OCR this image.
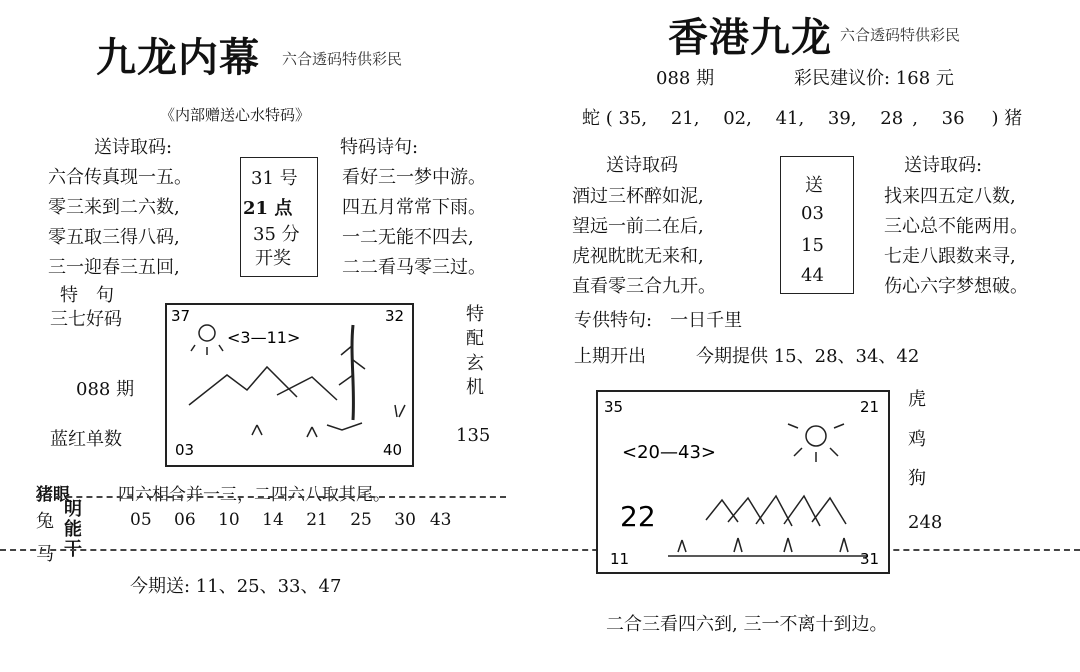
九龙内幕 六合透码特供彩民
《内部赠送心水特码》
送诗取码:	特码诗句:
六合传真现一五。
零三来到二六数,
零五取三得八码,
三一迎春三五回,
31 号
21 点
35 分
开奖
看好三一梦中游。
四五月常常下雨。
一二无能不四去,
二二看马零三过。
特　句
三七好码
088 期
蓝红单数
<3—11>
37	32
03	40
特
配
玄
机
135
猪眼	四六相合并一三，二四六八取其尾。
兔
马
明
能
干
05  06  10  14  21  25  30  43
今期送: 11、25、33、47
香港九龙 六合透码特供彩民
088 期	彩民建议价: 168 元
蛇 ( 35,  21,  02,  41,  39,  28 ,  36  ) 猪
送诗取码	送诗取码:
酒过三杯醉如泥,
望远一前二在后,
虎视眈眈无来和,
直看零三合九开。
送
03
15
44
找来四五定八数,
三心总不能两用。
七走八跟数来寻,
伤心六字梦想破。
专供特句:　一日千里
上期开出	今期提供 15、28、34、42
<20—43>
22
35	21
11	31
虎
鸡
狗
248
二合三看四六到, 三一不离十到边。
